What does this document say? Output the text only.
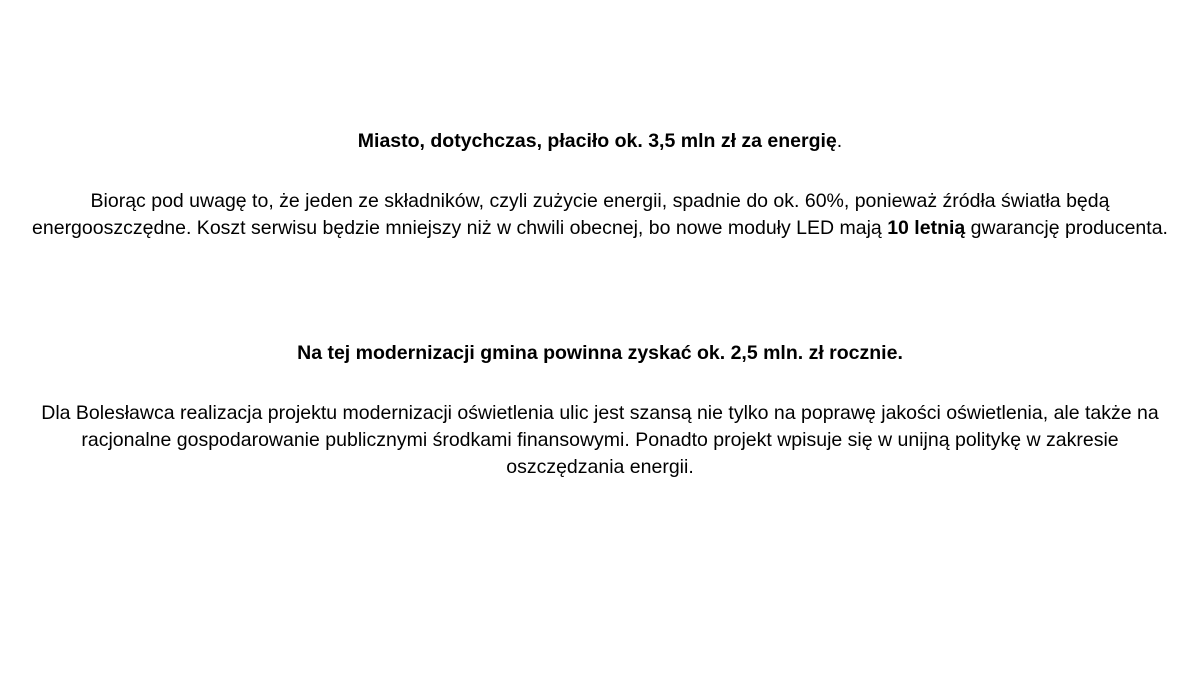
Miasto, dotychczas, płaciło ok. 3,5 mln zł za energię.

Biorąc pod uwagę to, że jeden ze składników, czyli zużycie energii, spadnie do ok. 60%, ponieważ źródła światła będą energooszczędne. Koszt serwisu będzie mniejszy niż w chwili obecnej, bo nowe moduły LED mają 10 letnią gwarancję producenta.

Na tej modernizacji gmina powinna zyskać ok. 2,5 mln. zł rocznie.

Dla Bolesławca realizacja projektu modernizacji oświetlenia ulic jest szansą nie tylko na poprawę jakości oświetlenia, ale także na racjonalne gospodarowanie publicznymi środkami finansowymi. Ponadto projekt wpisuje się w unijną politykę w zakresie oszczędzania energii.
